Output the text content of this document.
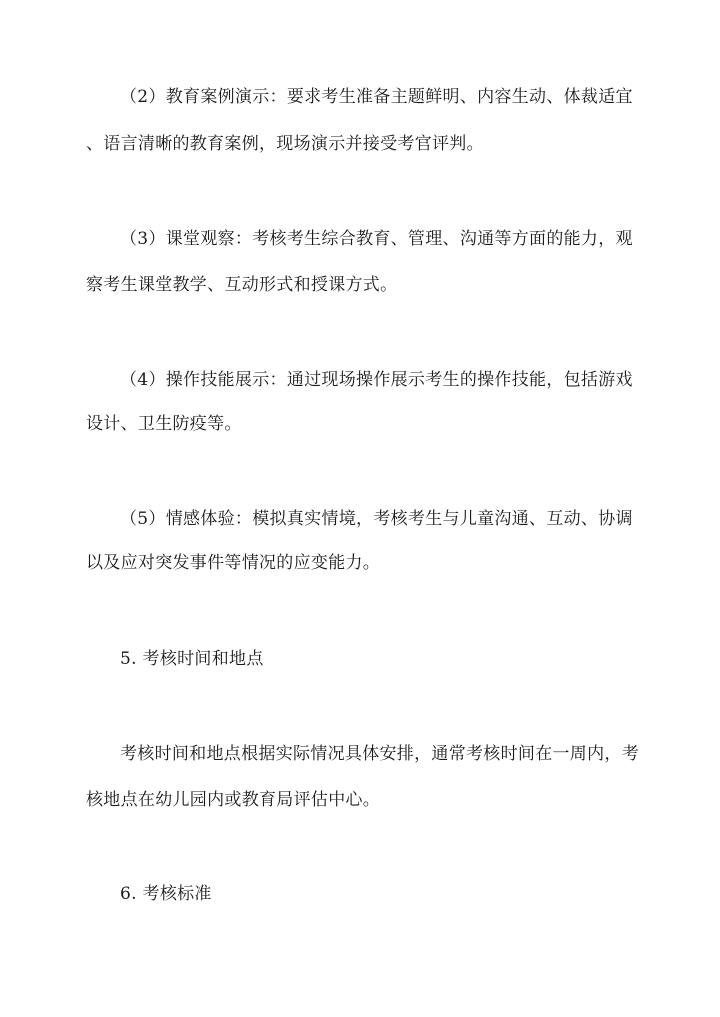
（2）教育案例演示：要求考生准备主题鲜明、内容生动、体裁适宜
、语言清晰的教育案例，现场演示并接受考官评判。
（3）课堂观察：考核考生综合教育、管理、沟通等方面的能力，观
察考生课堂教学、互动形式和授课方式。
（4）操作技能展示：通过现场操作展示考生的操作技能，包括游戏
设计、卫生防疫等。
（5）情感体验：模拟真实情境，考核考生与儿童沟通、互动、协调
以及应对突发事件等情况的应变能力。
5. 考核时间和地点
考核时间和地点根据实际情况具体安排，通常考核时间在一周内，考
核地点在幼儿园内或教育局评估中心。
6. 考核标准
